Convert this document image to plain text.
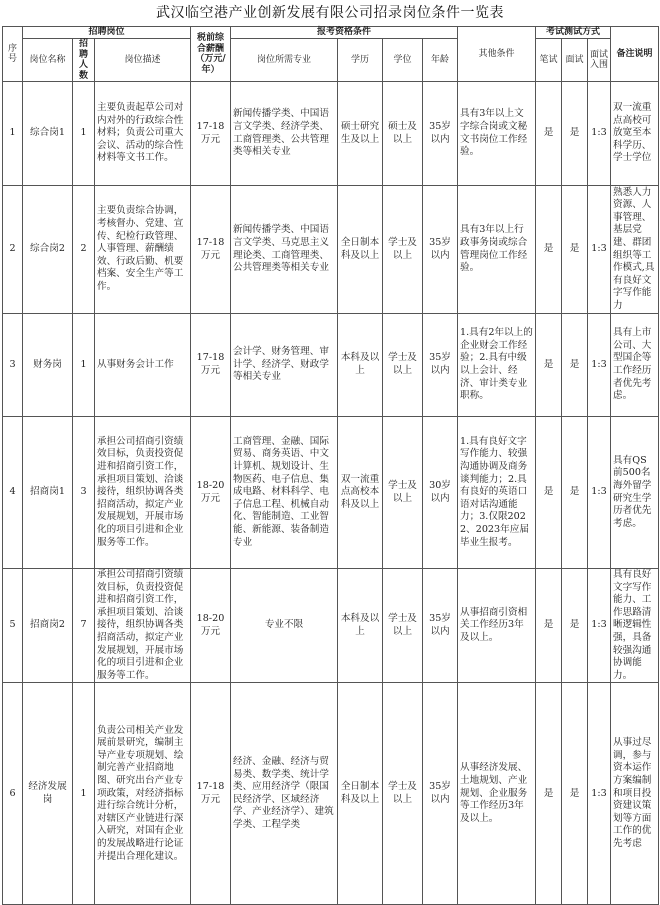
武汉临空港产业创新发展有限公司招录岗位条件一览表
序号	招聘岗位			税前综合薪酬（万元/年）	报考资格条件				其他条件	考试测试方式			备注说明
	岗位名称	招聘人数	岗位描述		岗位所需专业	学历	学位	年龄		笔试	面试	面试入围	
1	综合岗1	1	主要负责起草公司对内对外的行政综合性材料；负责公司重大会议、活动的综合性材料等文书工作。	17-18万元	新闻传播学类、中国语言文学类、经济学类、工商管理类、公共管理类等相关专业	硕士研究生及以上	硕士及以上	35岁以内	具有3年以上文字综合岗或文秘文书岗位工作经验。	是	是	1:3	双一流重点高校可放宽至本科学历、学士学位
2	综合岗2	2	主要负责综合协调，考核督办、党建、宣传、纪检行政管理、人事管理、薪酬绩效、行政后勤、机要档案、安全生产等工作。	17-18万元	新闻传播学类、中国语言文学类、马克思主义理论类、工商管理类、公共管理类等相关专业	全日制本科及以上	学士及以上	35岁以内	具有3年以上行政事务岗或综合管理岗位工作经验。	是	是	1:3	熟悉人力资源、人事管理、基层党建、群团组织等工作模式,具有良好文字写作能力
3	财务岗	1	从事财务会计工作	17-18万元	会计学、财务管理、审计学、经济学、财政学等相关专业	本科及以上	学士及以上	35岁以内	1.具有2年以上的企业财会工作经验；2.具有中级以上会计、经济、审计类专业职称。	是	是	1:3	具有上市公司、大型国企等工作经历者优先考虑。
4	招商岗1	3	承担公司招商引资绩效目标，负责投资促进和招商引资工作，承担项目策划、洽谈接待，组织协调各类招商活动，拟定产业发展规划，开展市场化的项目引进和企业服务等工作。	18-20万元	工商管理、金融、国际贸易、商务英语、中文计算机、规划设计、生物医药、电子信息、集成电路、材料科学、电子信息工程、机械自动化、智能制造、工业智能、新能源、装备制造专业	双一流重点高校本科及以上	学士及以上	30岁以内	1.具有良好文字写作能力、较强沟通协调及商务谈判能力；2.具有良好的英语口语对话沟通能力；3.仅限2022、2023年应届毕业生报考。	是	是	1:3	具有QS前500名海外留学研究生学历者优先考虑。
5	招商岗2	7	承担公司招商引资绩效目标，负责投资促进和招商引资工作，承担项目策划、洽谈接待，组织协调各类招商活动，拟定产业发展规划，开展市场化的项目引进和企业服务等工作。	18-20万元	专业不限	本科及以上	学士及以上	35岁以内	从事招商引资相关工作经历3年及以上。	是	是	1:3	具有良好文字写作能力、工作思路清晰逻辑性强，具备较强沟通协调能力。
6	经济发展岗	1	负责公司相关产业发展前景研究，编制主导产业专项规划、绘制完善产业招商地图、研究出台产业专项政策，对经济指标进行综合统计分析，对辖区产业链进行深入研究，对国有企业的发展战略进行论证并提出合理化建议。	17-18万元	经济、金融、经济与贸易类、数学类、统计学类、应用经济学（限国民经济学、区域经济学、产业经济学）、建筑学类、工程学类	全日制本科及以上	学士及以上	35岁以内	从事经济发展、土地规划、产业规划、企业服务等工作经历3年及以上。	是	是	1:3	从事过尽调，参与资本运作方案编制和项目投资建议策划等方面工作的优先考虑
